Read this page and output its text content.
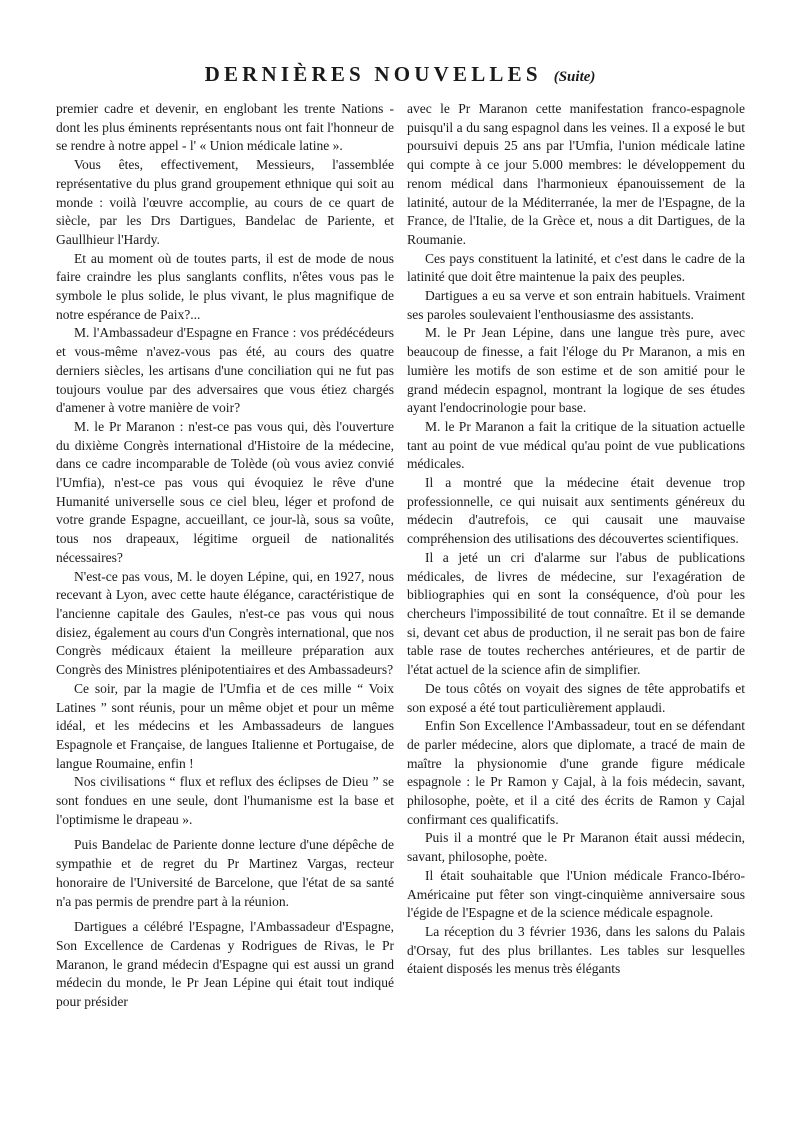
DERNIÈRES NOUVELLES (Suite)

premier cadre et devenir, en englobant les trente Nations - dont les plus éminents représentants nous ont fait l'honneur de se rendre à notre appel - l' « Union médicale latine ».

Vous êtes, effectivement, Messieurs, l'assemblée représentative du plus grand groupement ethnique qui soit au monde : voilà l'œuvre accomplie, au cours de ce quart de siècle, par les Drs Dartigues, Bandelac de Pariente, et Gaullhieur l'Hardy.

Et au moment où de toutes parts, il est de mode de nous faire craindre les plus sanglants conflits, n'êtes vous pas le symbole le plus solide, le plus vivant, le plus magnifique de notre espérance de Paix?...

M. l'Ambassadeur d'Espagne en France : vos prédécédeurs et vous-même n'avez-vous pas été, au cours des quatre derniers siècles, les artisans d'une conciliation qui ne fut pas toujours voulue par des adversaires que vous étiez chargés d'amener à votre manière de voir?

M. le Pr Maranon : n'est-ce pas vous qui, dès l'ouverture du dixième Congrès international d'Histoire de la médecine, dans ce cadre incomparable de Tolède (où vous aviez convié l'Umfia), n'est-ce pas vous qui évoquiez le rêve d'une Humanité universelle sous ce ciel bleu, léger et profond de votre grande Espagne, accueillant, ce jour-là, sous sa voûte, tous nos drapeaux, légitime orgueil de nationalités nécessaires?

N'est-ce pas vous, M. le doyen Lépine, qui, en 1927, nous recevant à Lyon, avec cette haute élégance, caractéristique de l'ancienne capitale des Gaules, n'est-ce pas vous qui nous disiez, également au cours d'un Congrès international, que nos Congrès médicaux étaient la meilleure préparation aux Congrès des Ministres plénipotentiaires et des Ambassadeurs?

Ce soir, par la magie de l'Umfia et de ces mille “ Voix Latines ” sont réunis, pour un même objet et pour un même idéal, et les médecins et les Ambassadeurs de langues Espagnole et Française, de langues Italienne et Portugaise, de langue Roumaine, enfin !

Nos civilisations “ flux et reflux des éclipses de Dieu ” se sont fondues en une seule, dont l'humanisme est la base et l'optimisme le drapeau ».

Puis Bandelac de Pariente donne lecture d'une dépêche de sympathie et de regret du Pr Martinez Vargas, recteur honoraire de l'Université de Barcelone, que l'état de sa santé n'a pas permis de prendre part à la réunion.

Dartigues a célébré l'Espagne, l'Ambassadeur d'Espagne, Son Excellence de Cardenas y Rodrigues de Rivas, le Pr Maranon, le grand médecin d'Espagne qui est aussi un grand médecin du monde, le Pr Jean Lépine qui était tout indiqué pour présider

avec le Pr Maranon cette manifestation franco-espagnole puisqu'il a du sang espagnol dans les veines. Il a exposé le but poursuivi depuis 25 ans par l'Umfia, l'union médicale latine qui compte à ce jour 5.000 membres: le développement du renom médical dans l'harmonieux épanouissement de la latinité, autour de la Méditerranée, la mer de l'Espagne, de la France, de l'Italie, de la Grèce et, nous a dit Dartigues, de la Roumanie.

Ces pays constituent la latinité, et c'est dans le cadre de la latinité que doit être maintenue la paix des peuples.

Dartigues a eu sa verve et son entrain habituels. Vraiment ses paroles soulevaient l'enthousiasme des assistants.

M. le Pr Jean Lépine, dans une langue très pure, avec beaucoup de finesse, a fait l'éloge du Pr Maranon, a mis en lumière les motifs de son estime et de son amitié pour le grand médecin espagnol, montrant la logique de ses études ayant l'endocrinologie pour base.

M. le Pr Maranon a fait la critique de la situation actuelle tant au point de vue médical qu'au point de vue publications médicales.

Il a montré que la médecine était devenue trop professionnelle, ce qui nuisait aux sentiments généreux du médecin d'autrefois, ce qui causait une mauvaise compréhension des utilisations des découvertes scientifiques.

Il a jeté un cri d'alarme sur l'abus de publications médicales, de livres de médecine, sur l'exagération de bibliographies qui en sont la conséquence, d'où pour les chercheurs l'impossibilité de tout connaître. Et il se demande si, devant cet abus de production, il ne serait pas bon de faire table rase de toutes recherches antérieures, et de partir de l'état actuel de la science afin de simplifier.

De tous côtés on voyait des signes de tête approbatifs et son exposé a été tout particulièrement applaudi.

Enfin Son Excellence l'Ambassadeur, tout en se défendant de parler médecine, alors que diplomate, a tracé de main de maître la physionomie d'une grande figure médicale espagnole : le Pr Ramon y Cajal, à la fois médecin, savant, philosophe, poète, et il a cité des écrits de Ramon y Cajal confirmant ces qualificatifs.

Puis il a montré que le Pr Maranon était aussi médecin, savant, philosophe, poète.

Il était souhaitable que l'Union médicale Franco-Ibéro-Américaine put fêter son vingt-cinquième anniversaire sous l'égide de l'Espagne et de la science médicale espagnole.

La réception du 3 février 1936, dans les salons du Palais d'Orsay, fut des plus brillantes. Les tables sur lesquelles étaient disposés les menus très élégants
